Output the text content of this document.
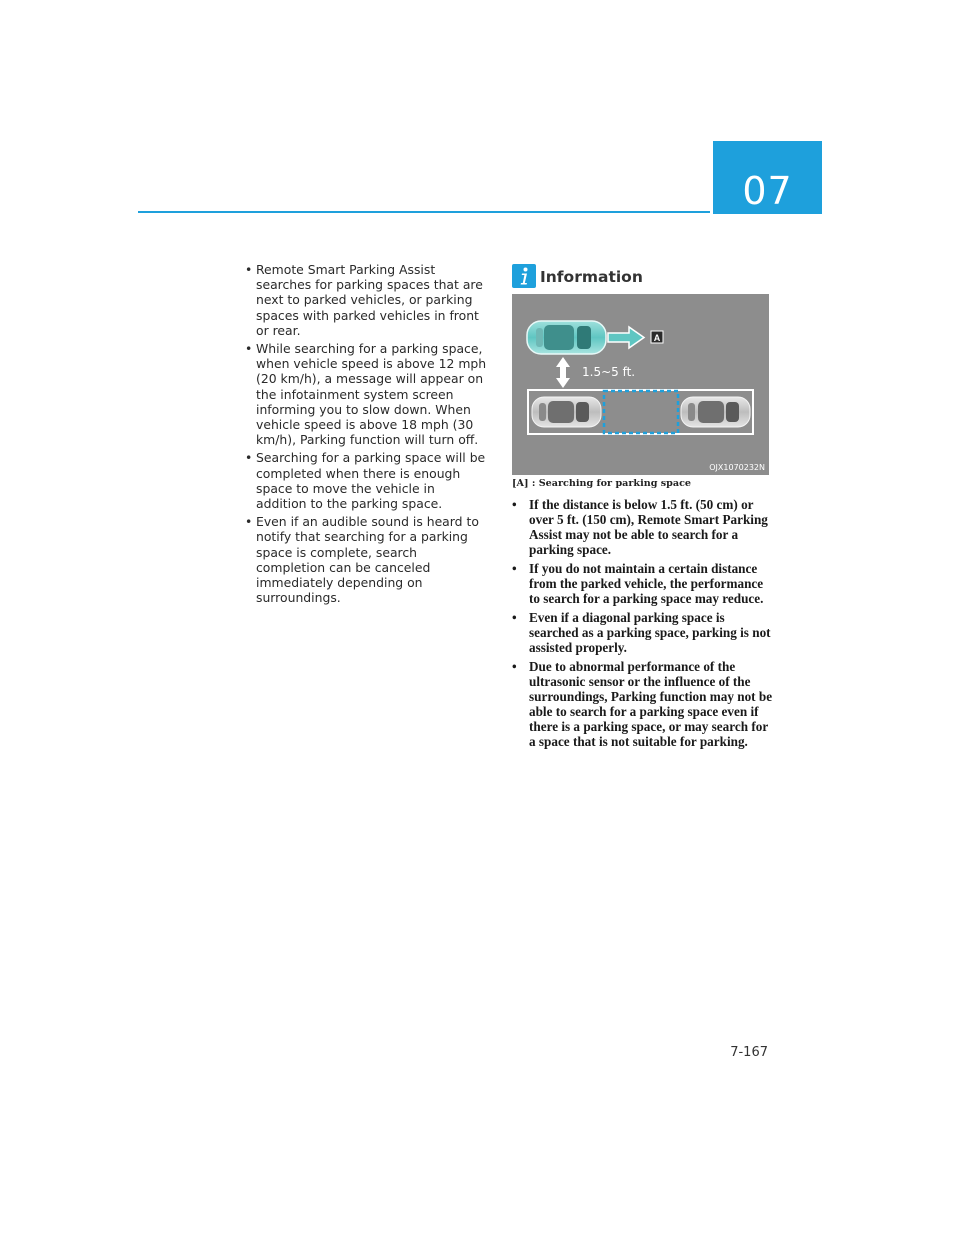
07
• Remote Smart Parking Assist searches for parking spaces that are next to parked vehicles, or parking spaces with parked vehicles in front or rear.
• While searching for a parking space, when vehicle speed is above 12 mph (20 km/h), a message will appear on the infotainment system screen informing you to slow down. When vehicle speed is above 18 mph (30 km/h), Parking function will turn off.
• Searching for a parking space will be completed when there is enough space to move the vehicle in addition to the parking space.
• Even if an audible sound is heard to notify that searching for a parking space is complete, search completion can be canceled immediately depending on surroundings.
Information
A
1.5~5 ft.
OJX1070232N
[A] : Searching for parking space
• If the distance is below 1.5 ft. (50 cm) or over 5 ft. (150 cm), Remote Smart Parking Assist may not be able to search for a parking space.
• If you do not maintain a certain distance from the parked vehicle, the performance to search for a parking space may reduce.
• Even if a diagonal parking space is searched as a parking space, parking is not assisted properly.
• Due to abnormal performance of the ultrasonic sensor or the influence of the surroundings, Parking function may not be able to search for a parking space even if there is a parking space, or may search for a space that is not suitable for parking.
7-167
